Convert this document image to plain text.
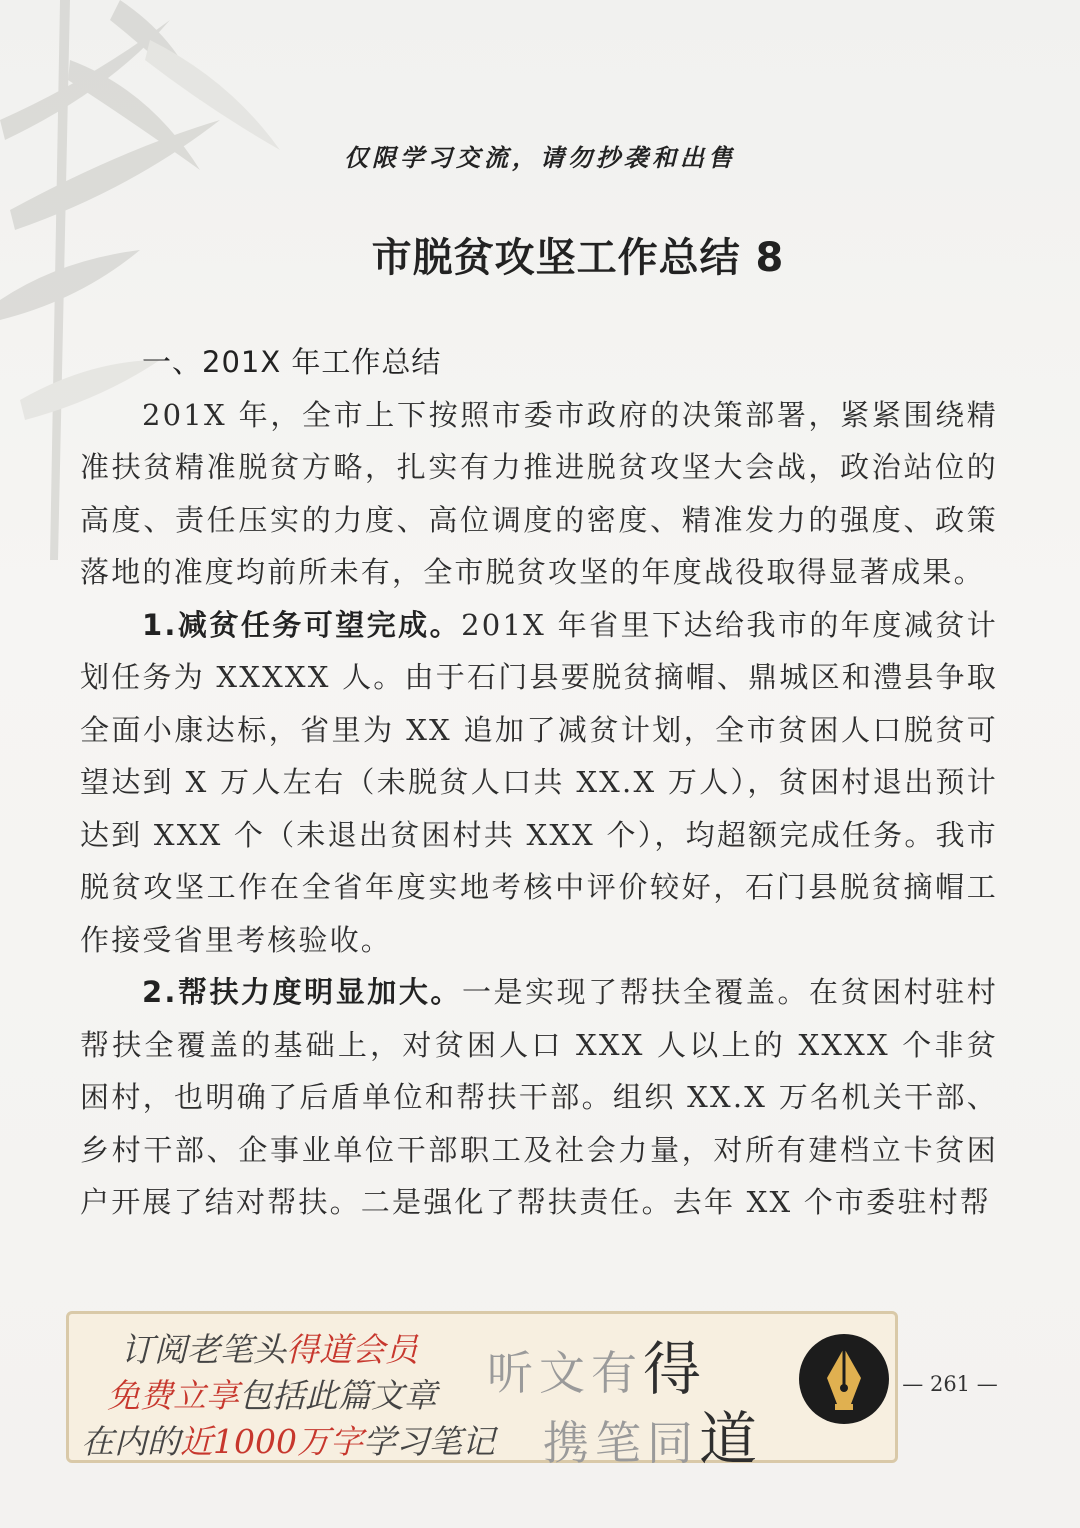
仅限学习交流，请勿抄袭和出售
市脱贫攻坚工作总结 8
一、201X 年工作总结

201X 年，全市上下按照市委市政府的决策部署，紧紧围绕精准扶贫精准脱贫方略，扎实有力推进脱贫攻坚大会战，政治站位的高度、责任压实的力度、高位调度的密度、精准发力的强度、政策落地的准度均前所未有，全市脱贫攻坚的年度战役取得显著成果。

1.减贫任务可望完成。201X 年省里下达给我市的年度减贫计划任务为 XXXXX 人。由于石门县要脱贫摘帽、鼎城区和澧县争取全面小康达标，省里为 XX 追加了减贫计划，全市贫困人口脱贫可望达到 X 万人左右（未脱贫人口共 XX.X 万人），贫困村退出预计达到 XXX 个（未退出贫困村共 XXX 个），均超额完成任务。我市脱贫攻坚工作在全省年度实地考核中评价较好，石门县脱贫摘帽工作接受省里考核验收。

2.帮扶力度明显加大。一是实现了帮扶全覆盖。在贫困村驻村帮扶全覆盖的基础上，对贫困人口 XXX 人以上的 XXXX 个非贫困村，也明确了后盾单位和帮扶干部。组织 XX.X 万名机关干部、乡村干部、企事业单位干部职工及社会力量，对所有建档立卡贫困户开展了结对帮扶。二是强化了帮扶责任。去年 XX 个市委驻村帮

订阅老笔头得道会员
免费立享包括此篇文章
在内的近1000万字学习笔记
听文有得
携笔同道
— 261 —
